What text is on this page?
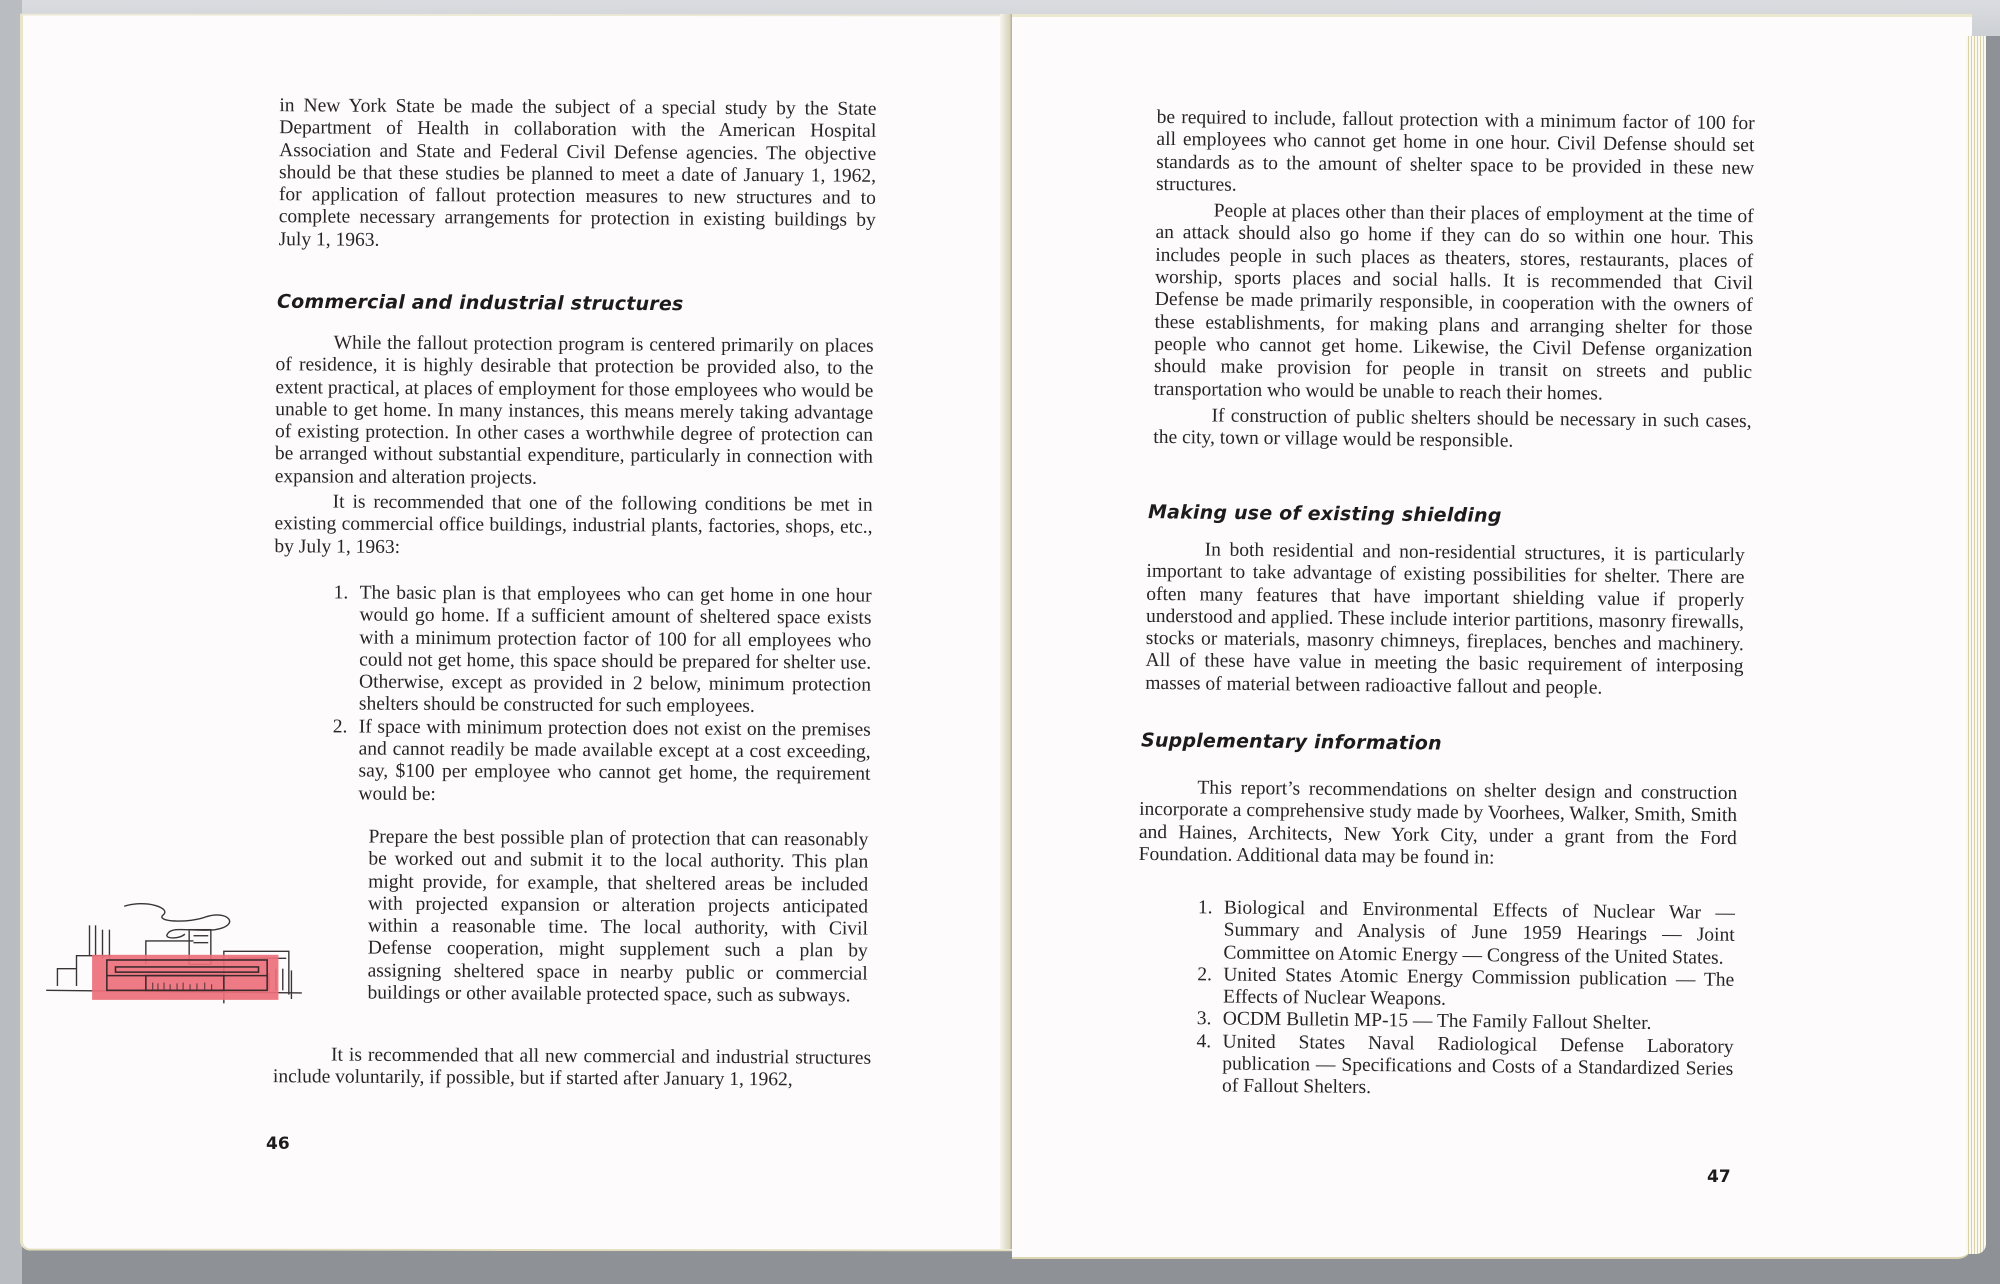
in New York State be made the subject of a special study by the State Department of Health in collaboration with the American Hospital Association and State and Federal Civil Defense agencies. The objective should be that these studies be planned to meet a date of January 1, 1962, for application of fallout protection measures to new structures and to complete necessary arrangements for protection in existing buildings by July 1, 1963.

Commercial and industrial structures

While the fallout protection program is centered primarily on places of residence, it is highly desirable that protection be provided also, to the extent practical, at places of employment for those employees who would be unable to get home. In many instances, this means merely taking advantage of existing protection. In other cases a worthwhile degree of protection can be arranged without substantial expenditure, particularly in connection with expansion and alteration projects.

It is recommended that one of the following conditions be met in existing commercial office buildings, industrial plants, factories, shops, etc., by July 1, 1963:

1. The basic plan is that employees who can get home in one hour would go home. If a sufficient amount of sheltered space exists with a minimum protection factor of 100 for all employees who could not get home, this space should be prepared for shelter use. Otherwise, except as provided in 2 below, minimum protection shelters should be constructed for such employees.
2. If space with minimum protection does not exist on the premises and cannot readily be made available except at a cost exceeding, say, $100 per employee who cannot get home, the requirement would be:

Prepare the best possible plan of protection that can reasonably be worked out and submit it to the local authority. This plan might provide, for example, that sheltered areas be included with projected expansion or alteration projects anticipated within a reasonable time. The local authority, with Civil Defense cooperation, might supplement such a plan by assigning sheltered space in nearby public or commercial buildings or other available protected space, such as subways.

It is recommended that all new commercial and industrial structures include voluntarily, if possible, but if started after January 1, 1962,

46

be required to include, fallout protection with a minimum factor of 100 for all employees who cannot get home in one hour. Civil Defense should set standards as to the amount of shelter space to be provided in these new structures.

People at places other than their places of employment at the time of an attack should also go home if they can do so within one hour. This includes people in such places as theaters, stores, restaurants, places of worship, sports places and social halls. It is recommended that Civil Defense be made primarily responsible, in cooperation with the owners of these establishments, for making plans and arranging shelter for those people who cannot get home. Likewise, the Civil Defense organization should make provision for people in transit on streets and public transportation who would be unable to reach their homes.

If construction of public shelters should be necessary in such cases, the city, town or village would be responsible.

Making use of existing shielding

In both residential and non-residential structures, it is particularly important to take advantage of existing possibilities for shelter. There are often many features that have important shielding value if properly understood and applied. These include interior partitions, masonry firewalls, stocks or materials, masonry chimneys, fireplaces, benches and machinery. All of these have value in meeting the basic requirement of interposing masses of material between radioactive fallout and people.

Supplementary information

This report’s recommendations on shelter design and construction incorporate a comprehensive study made by Voorhees, Walker, Smith, Smith and Haines, Architects, New York City, under a grant from the Ford Foundation. Additional data may be found in:

1. Biological and Environmental Effects of Nuclear War — Summary and Analysis of June 1959 Hearings — Joint Committee on Atomic Energy — Congress of the United States.
2. United States Atomic Energy Commission publication — The Effects of Nuclear Weapons.
3. OCDM Bulletin MP-15 — The Family Fallout Shelter.
4. United States Naval Radiological Defense Laboratory publication — Specifications and Costs of a Standardized Series of Fallout Shelters.
47
